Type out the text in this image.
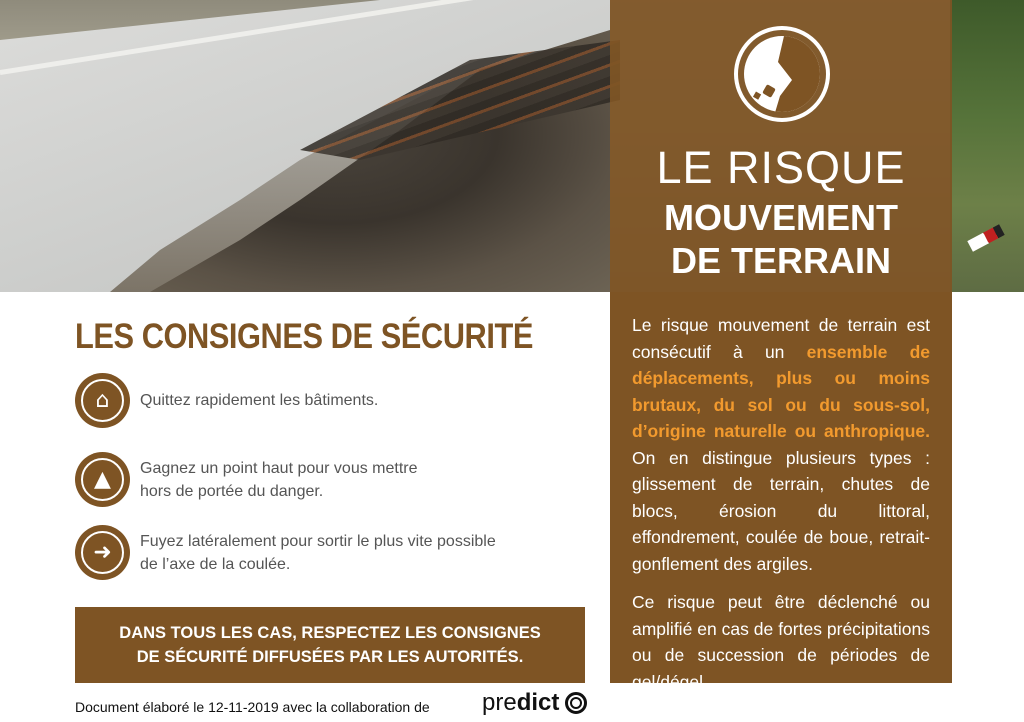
LE RISQUE
MOUVEMENT
DE TERRAIN

Le risque mouvement de terrain est consécutif à un ensemble de déplacements, plus ou moins brutaux, du sol ou du sous-sol, d’origine naturelle ou anthropique. On en distingue plusieurs types : glissement de terrain, chutes de blocs, érosion du littoral, effondrement, coulée de boue, retrait-gonflement des argiles.

Ce risque peut être déclenché ou amplifié en cas de fortes précipitations ou de succession de périodes de gel/dégel.

LES CONSIGNES DE SÉCURITÉ
⌂	Quittez rapidement les bâtiments.
▲	Gagnez un point haut pour vous mettre
hors de portée du danger.
➜	Fuyez latéralement pour sortir le plus vite possible
de l’axe de la coulée.
DANS TOUS LES CAS, RESPECTEZ LES CONSIGNES
DE SÉCURITÉ DIFFUSÉES PAR LES AUTORITÉS.
Document élaboré le 12-11-2019 avec la collaboration de pre dict
